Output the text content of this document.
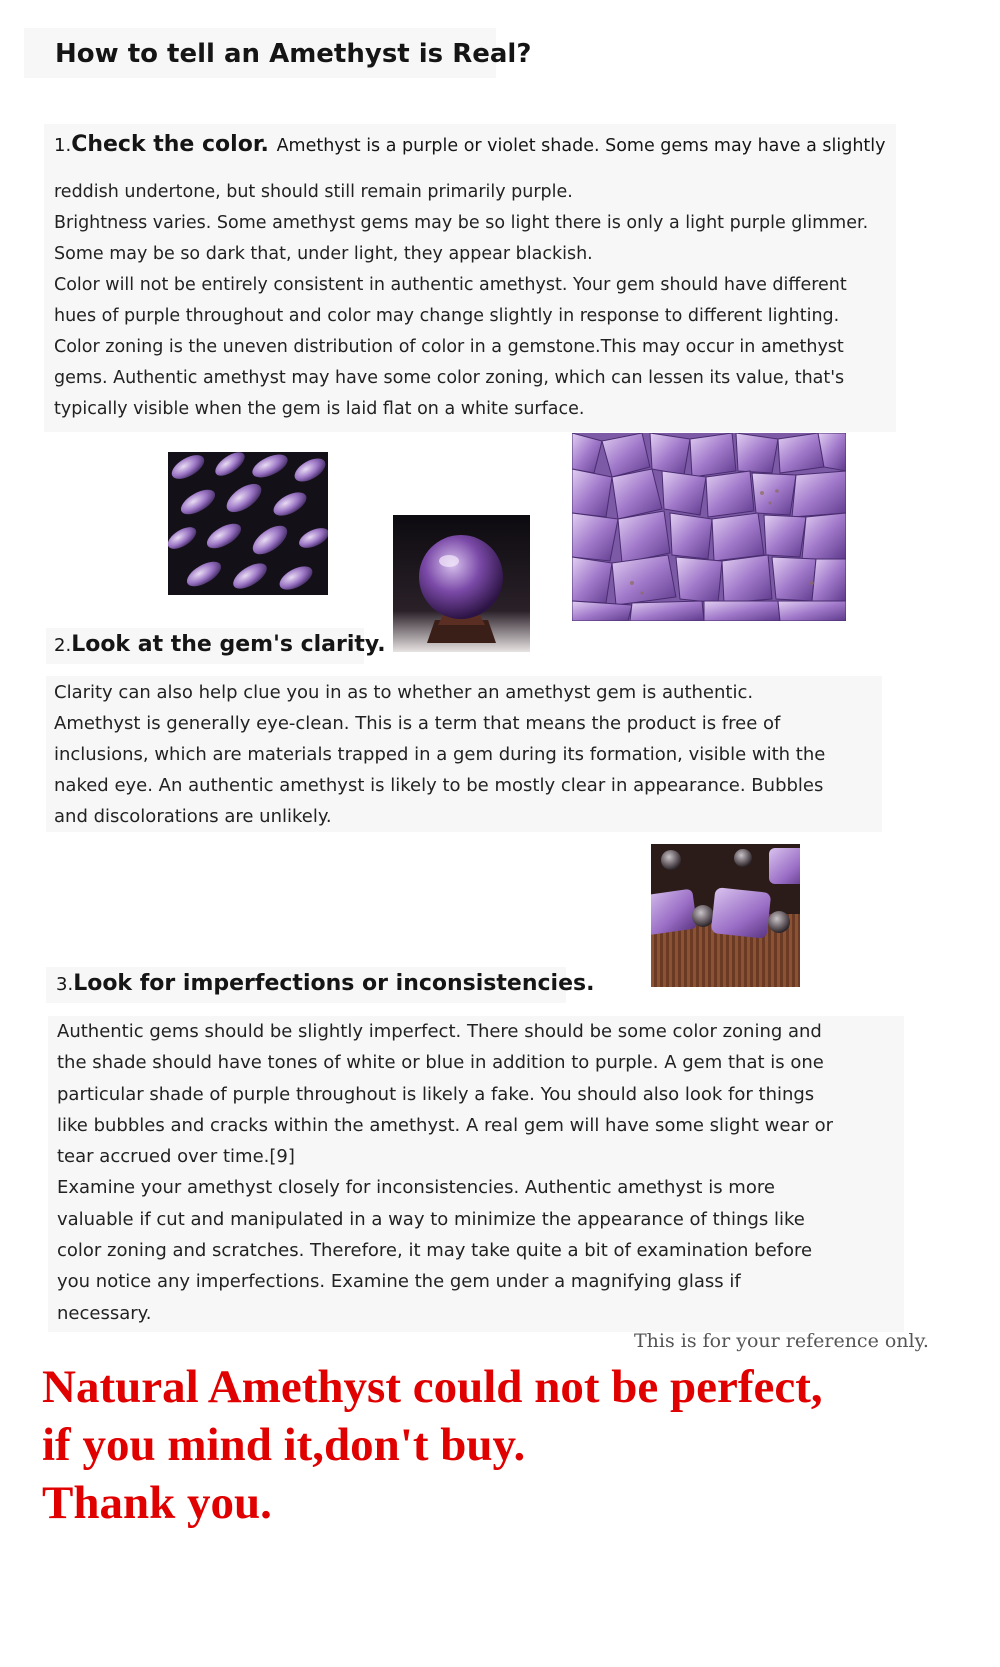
How to tell an Amethyst is Real?
1.Check the color. Amethyst is a purple or violet shade. Some gems may have a slightly
reddish undertone, but should still remain primarily purple.
Brightness varies. Some amethyst gems may be so light there is only a light purple glimmer.
Some may be so dark that, under light, they appear blackish.
Color will not be entirely consistent in authentic amethyst. Your gem should have different
hues of purple throughout and color may change slightly in response to different lighting.
Color zoning is the uneven distribution of color in a gemstone.This may occur in amethyst
gems. Authentic amethyst may have some color zoning, which can lessen its value, that's
typically visible when the gem is laid flat on a white surface.
2.Look at the gem's clarity.
Clarity can also help clue you in as to whether an amethyst gem is authentic.
Amethyst is generally eye-clean. This is a term that means the product is free of
inclusions, which are materials trapped in a gem during its formation, visible with the
naked eye. An authentic amethyst is likely to be mostly clear in appearance. Bubbles
and discolorations are unlikely.
3.Look for imperfections or inconsistencies.
Authentic gems should be slightly imperfect. There should be some color zoning and
the shade should have tones of white or blue in addition to purple. A gem that is one
particular shade of purple throughout is likely a fake. You should also look for things
like bubbles and cracks within the amethyst. A real gem will have some slight wear or
tear accrued over time.[9]
Examine your amethyst closely for inconsistencies. Authentic amethyst is more
valuable if cut and manipulated in a way to minimize the appearance of things like
color zoning and scratches. Therefore, it may take quite a bit of examination before
you notice any imperfections. Examine the gem under a magnifying glass if
necessary.
This is for your reference only.
Natural Amethyst could not be perfect,
if you mind it,don't buy.
Thank you.
